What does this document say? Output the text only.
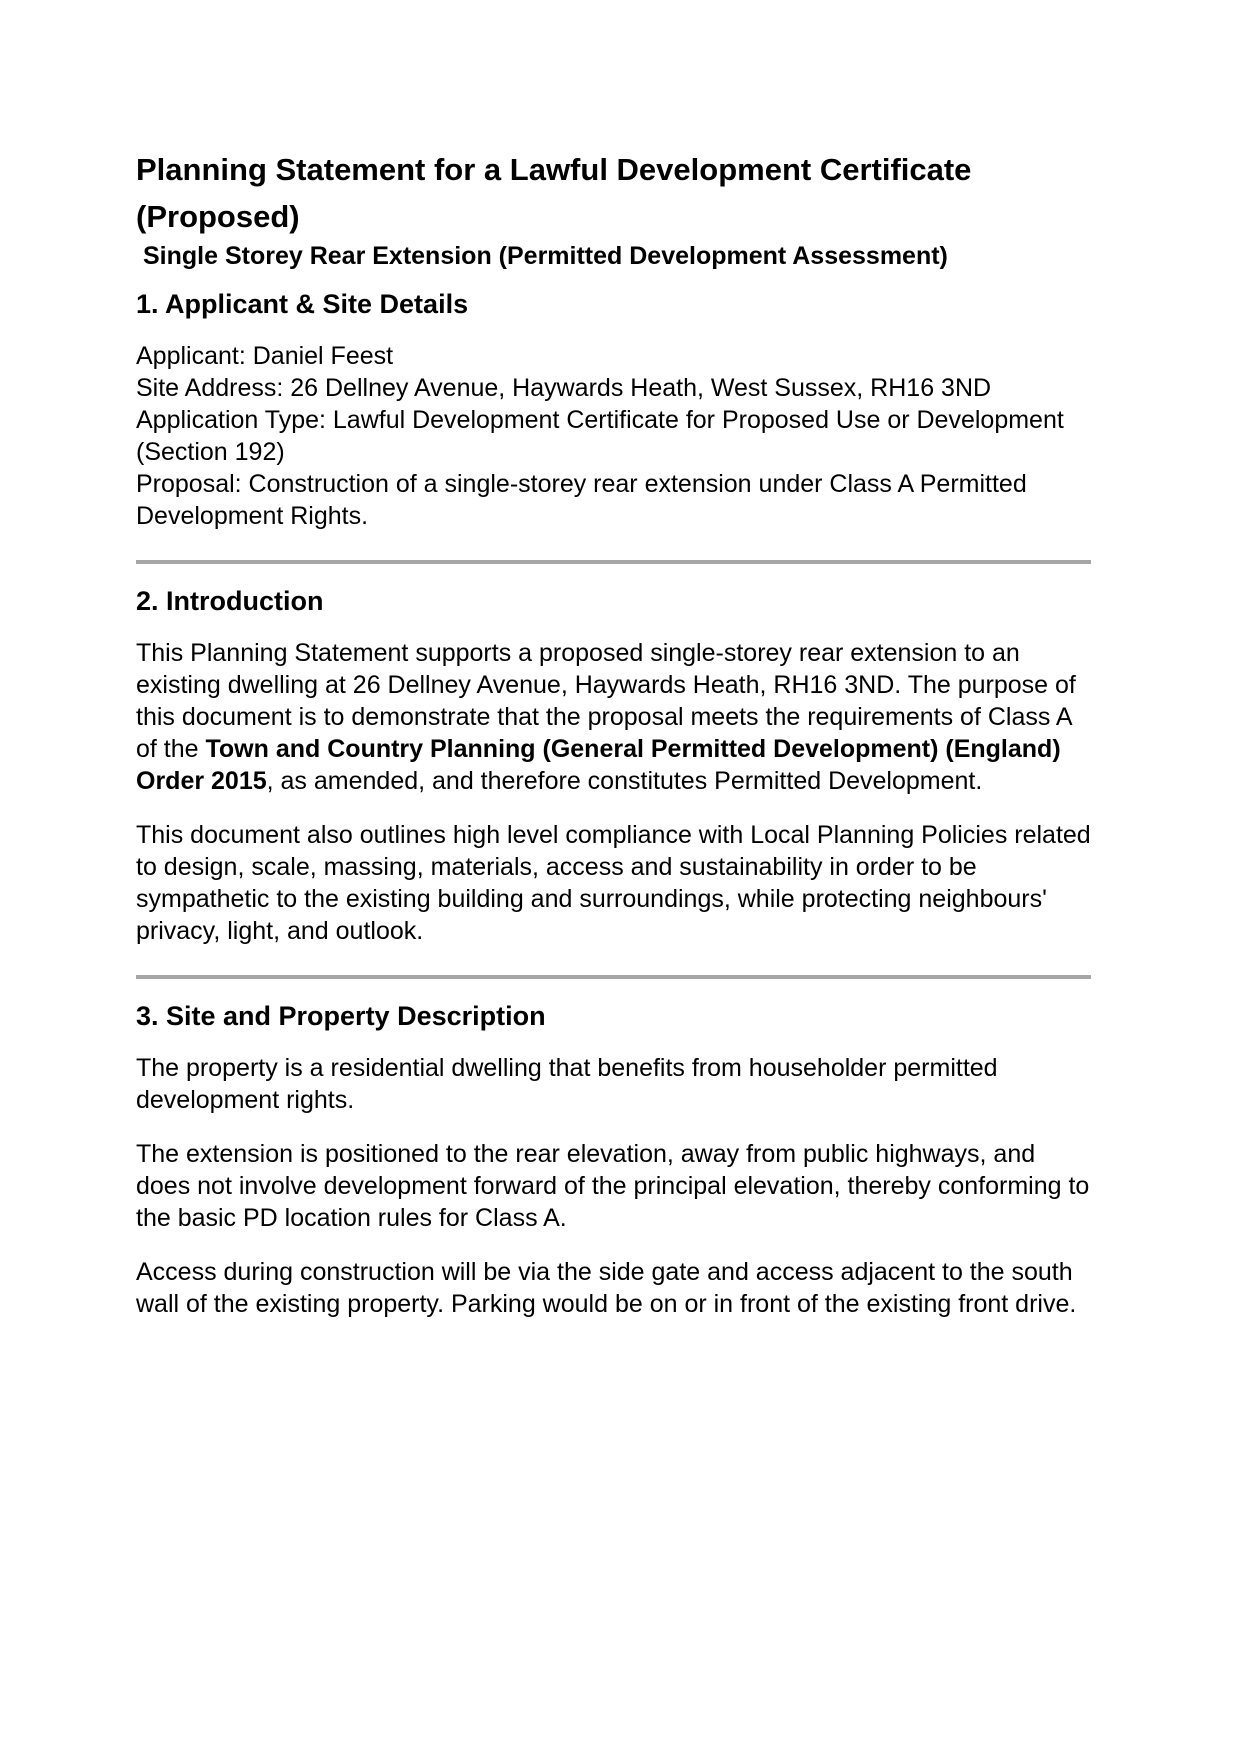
Planning Statement for a Lawful Development Certificate (Proposed)
Single Storey Rear Extension (Permitted Development Assessment)
1. Applicant & Site Details
Applicant: Daniel Feest
Site Address: 26 Dellney Avenue, Haywards Heath, West Sussex, RH16 3ND
Application Type: Lawful Development Certificate for Proposed Use or Development (Section 192)
Proposal: Construction of a single-storey rear extension under Class A Permitted Development Rights.
2. Introduction

This Planning Statement supports a proposed single-storey rear extension to an existing dwelling at 26 Dellney Avenue, Haywards Heath, RH16 3ND. The purpose of this document is to demonstrate that the proposal meets the requirements of Class A of the Town and Country Planning (General Permitted Development) (England) Order 2015, as amended, and therefore constitutes Permitted Development.

This document also outlines high level compliance with Local Planning Policies related to design, scale, massing, materials, access and sustainability in order to be sympathetic to the existing building and surroundings, while protecting neighbours' privacy, light, and outlook.

3. Site and Property Description

The property is a residential dwelling that benefits from householder permitted development rights.

The extension is positioned to the rear elevation, away from public highways, and does not involve development forward of the principal elevation, thereby conforming to the basic PD location rules for Class A.

Access during construction will be via the side gate and access adjacent to the south wall of the existing property. Parking would be on or in front of the existing front drive.
